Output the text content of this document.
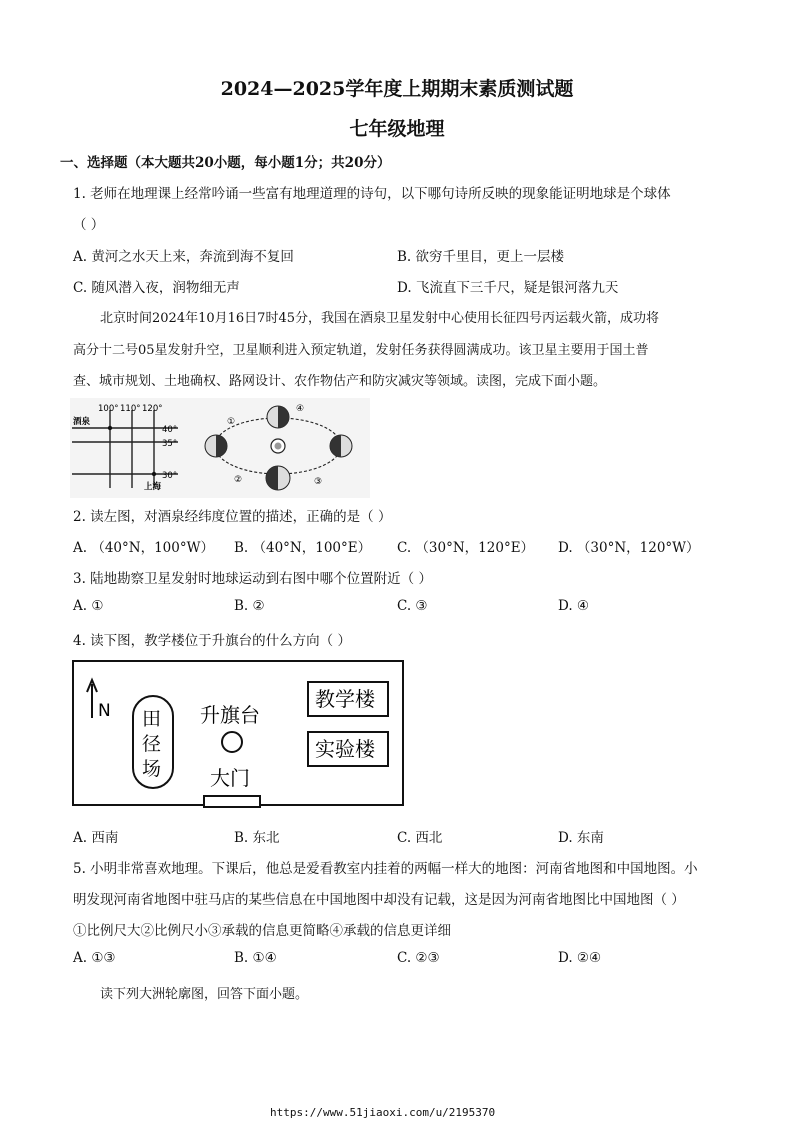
2024—2025学年度上期期末素质测试题
七年级地理
一、选择题（本大题共20小题，每小题1分；共20分）
1. 老师在地理课上经常吟诵一些富有地理道理的诗句，以下哪句诗所反映的现象能证明地球是个球体
（ ）
A. 黄河之水天上来，奔流到海不复回	B. 欲穷千里目，更上一层楼
C. 随风潜入夜，润物细无声	D. 飞流直下三千尺，疑是银河落九天
北京时间2024年10月16日7时45分，我国在酒泉卫星发射中心使用长征四号丙运载火箭，成功将
高分十二号05星发射升空，卫星顺利进入预定轨道，发射任务获得圆满成功。该卫星主要用于国土普
查、城市规划、土地确权、路网设计、农作物估产和防灾减灾等领域。读图，完成下面小题。
100° 110° 120°
40°
35°
30°
酒泉
上海
①
②	③
④
2. 读左图，对酒泉经纬度位置的描述，正确的是（ ）
A. （40°N，100°W） B. （40°N，100°E） C. （30°N，120°E） D. （30°N，120°W）
3. 陆地勘察卫星发射时地球运动到右图中哪个位置附近（ ）
A. ①	B. ②	C. ③	D. ④
4. 读下图，教学楼位于升旗台的什么方向（ ）
N 田
径
场
升旗台
教学楼
实验楼
大门
A. 西南	B. 东北	C. 西北	D. 东南
5. 小明非常喜欢地理。下课后，他总是爱看教室内挂着的两幅一样大的地图：河南省地图和中国地图。小
明发现河南省地图中驻马店的某些信息在中国地图中却没有记载，这是因为河南省地图比中国地图（ ）
①比例尺大②比例尺小③承载的信息更简略④承载的信息更详细
A. ①③	B. ①④	C. ②③	D. ②④
读下列大洲轮廓图，回答下面小题。
https://www.51jiaoxi.com/u/2195370
